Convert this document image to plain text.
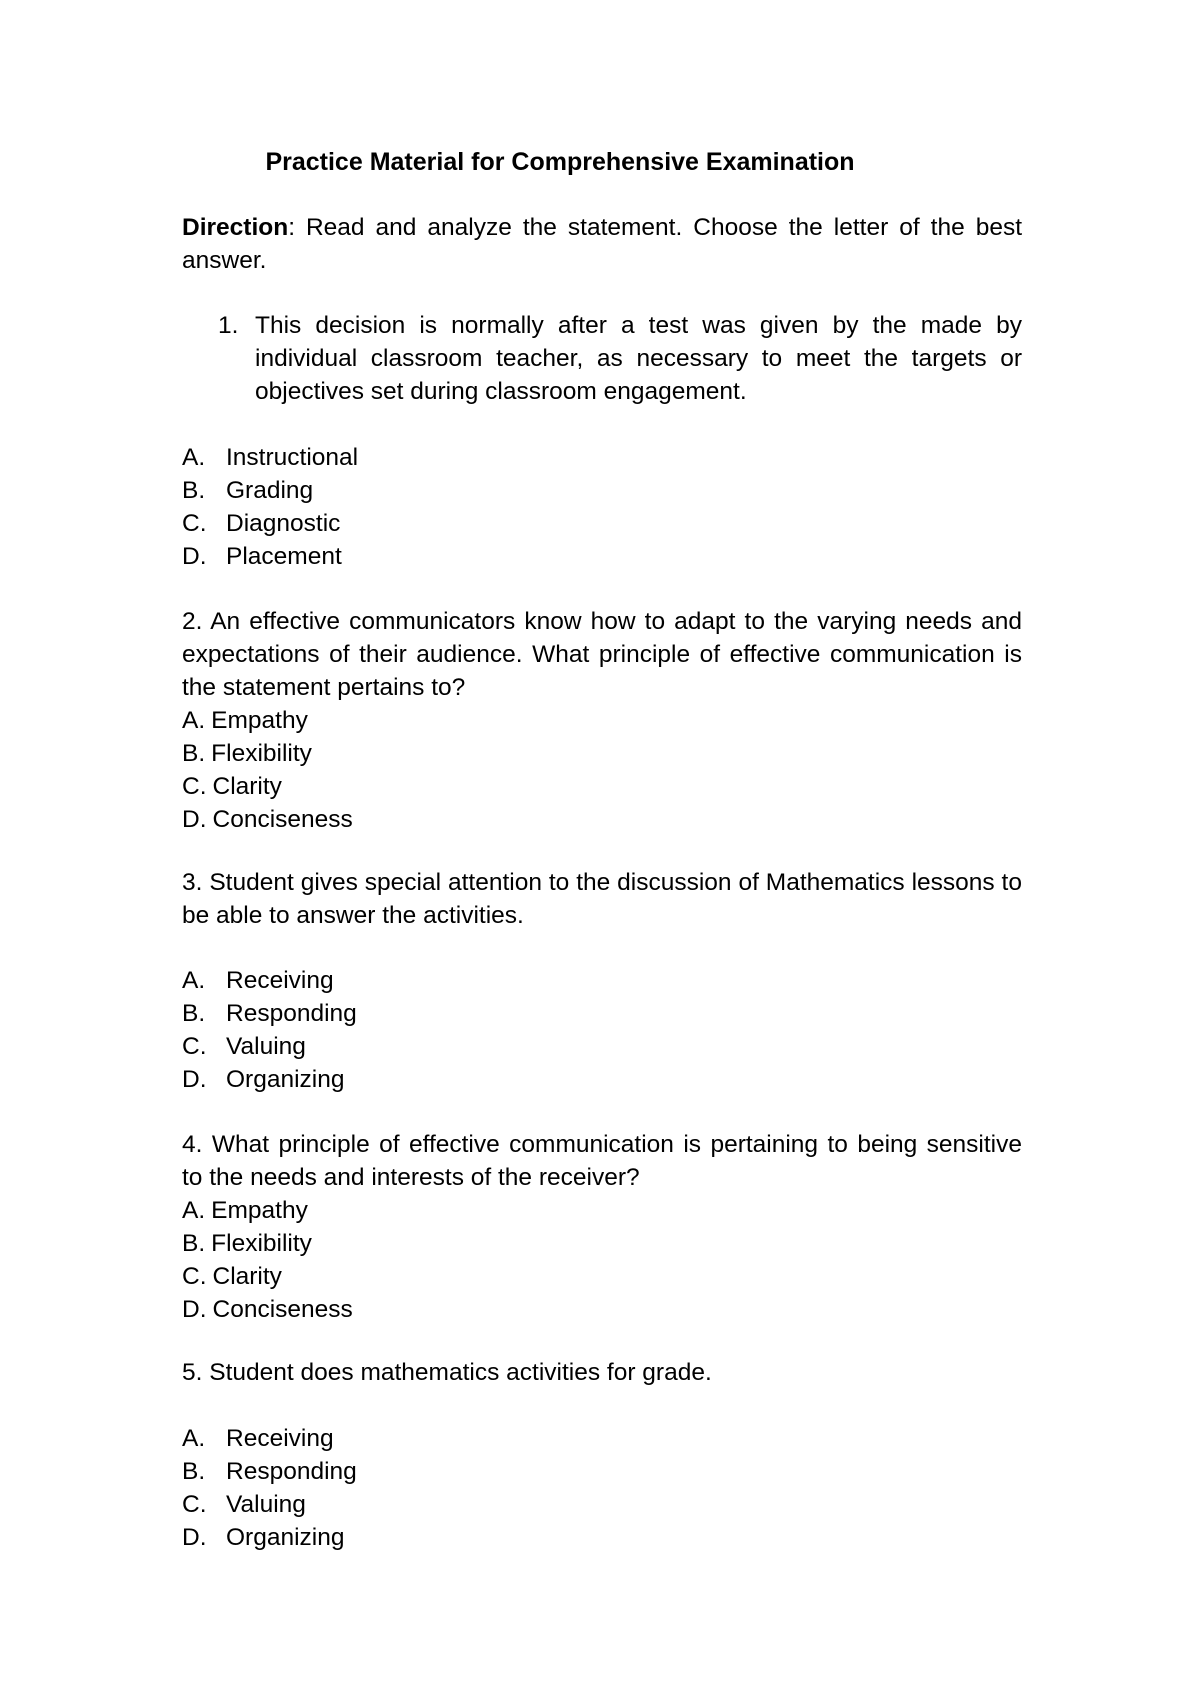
Practice Material for Comprehensive Examination
Direction: Read and analyze the statement. Choose the letter of the best answer.
1. This decision is normally after a test was given by the made by individual classroom teacher, as necessary to meet the targets or objectives set during classroom engagement.
A. Instructional
B. Grading
C. Diagnostic
D. Placement
2. An effective communicators know how to adapt to the varying needs and expectations of their audience. What principle of effective communication is the statement pertains to?
A. Empathy
B. Flexibility
C. Clarity
D. Conciseness
3. Student gives special attention to the discussion of Mathematics lessons to be able to answer the activities.
A. Receiving
B. Responding
C. Valuing
D. Organizing
4. What principle of effective communication is pertaining to being sensitive to the needs and interests of the receiver?
A. Empathy
B. Flexibility
C. Clarity
D. Conciseness
5. Student does mathematics activities for grade.
A. Receiving
B. Responding
C. Valuing
D. Organizing
